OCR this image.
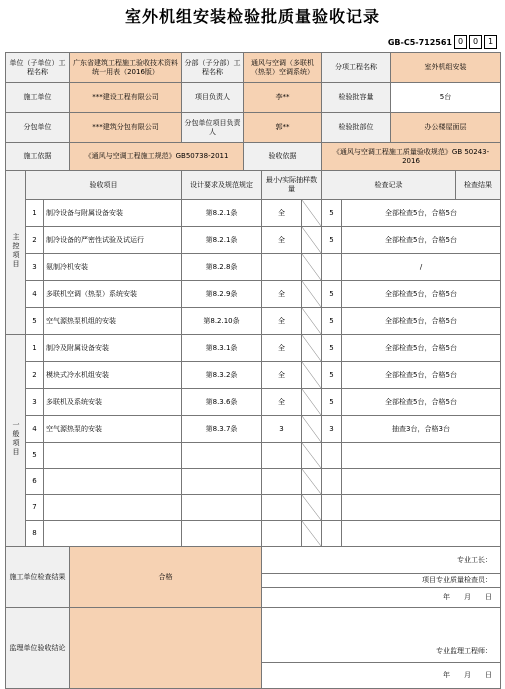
室外机组安装检验批质量验收记录
GB-C5-712561 0	0	1
单位（子单位）工程名称			广东省建筑工程施工验收技术资料统一用表（2016版）	分部（子分部）工程名称	通风与空调（多联机（热泵）空调系统）			分项工程名称		室外机组安装		
施工单位			***建设工程有限公司	项目负责人	李**			检验批容量		5台		
分包单位			***建筑分包有限公司	分包单位项目负责人	郭**			检验批部位		办公楼屋面层		
施工依据			《通风与空调工程施工规范》GB50738-2011		验收依据			《通风与空调工程施工质量验收规范》GB 50243-2016				
主控项目	验收项目			设计要求及规范规定		最小/实际抽样数量		检查记录			检查结果	
	1	制冷设备与附属设备安装		第8.2.1条		全		5	全部检查5台，合格5台	
	2	制冷设备的严密性试验及试运行		第8.2.1条		全		5	全部检查5台，合格5台	
	3	氨制冷机安装		第8.2.8条					/	
	4	多联机空调（热泵）系统安装		第8.2.9条		全		5	全部检查5台，合格5台	
	5	空气源热泵机组的安装		第8.2.10条		全		5	全部检查5台，合格5台	
一般项目	1	制冷及附属设备安装		第8.3.1条		全		5	全部检查5台，合格5台	
	2	模块式冷水机组安装		第8.3.2条		全		5	全部检查5台，合格5台	
	3	多联机及系统安装		第8.3.6条		全		5	全部检查5台，合格5台	
	4	空气源热泵的安装		第8.3.7条		3		3	抽查3台，合格3台	
	5											
	6											
	7											
	8											
施工单位检查结果			合格			专业工长：						
						项目专业质量检查员：						
						年 月 日						
监理单位验收结论						专业监理工程师：						
						年 月 日						
